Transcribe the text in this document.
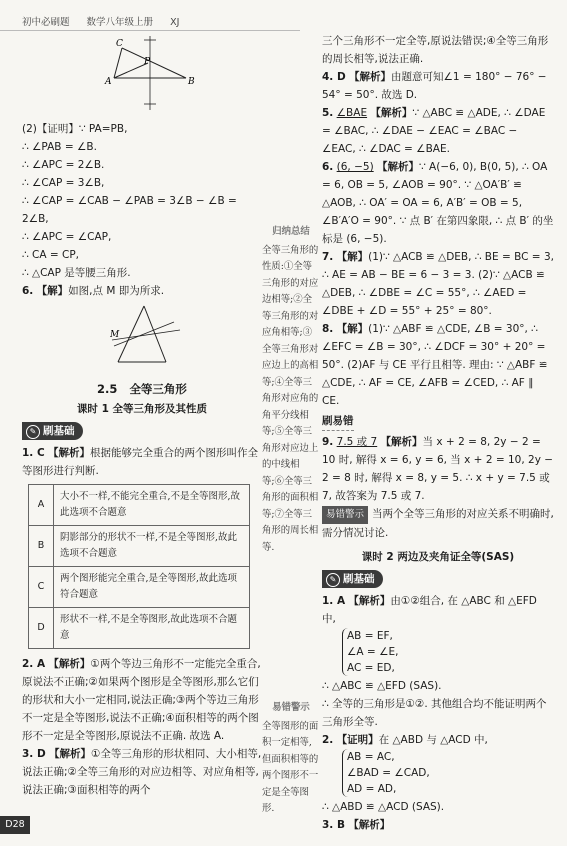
初中必刷题 数学八年级上册 XJ
C
A
P
B

(2)【证明】∵ PA=PB,

∴ ∠PAB = ∠B.

∴ ∠APC = 2∠B.

∴ ∠CAP = 3∠B,

∴ ∠CAP = ∠CAB − ∠PAB = 3∠B − ∠B = 2∠B,

∴ ∠APC = ∠CAP,

∴ CA = CP,

∴ △CAP 是等腰三角形.

6. 【解】如图,点 M 即为所求.

M
2.5 全等三角形
课时 1 全等三角形及其性质
✎ 刷基础

1. C 【解析】根据能够完全重合的两个图形叫作全等图形进行判断.

A	大小不一样,不能完全重合,不是全等图形,故此选项不合题意
B	阴影部分的形状不一样,不是全等图形,故此选项不合题意
C	两个图形能完全重合,是全等图形,故此选项符合题意
D	形状不一样,不是全等图形,故此选项不合题意

2. A 【解析】①两个等边三角形不一定能完全重合,原说法不正确;②如果两个图形是全等图形,那么它们的形状和大小一定相同,说法正确;③两个等边三角形不一定是全等图形,说法不正确;④面积相等的两个图形不一定是全等图形,原说法不正确. 故选 A.

3. D 【解析】①全等三角形的形状相同、大小相等,说法正确;②全等三角形的对应边相等、对应角相等,说法正确;③面积相等的两个

归纳总结
全等三角形的性质:①全等三角形的对应边相等;②全等三角形的对应角相等;③全等三角形对应边上的高相等;④全等三角形对应角的角平分线相等;⑤全等三角形对应边上的中线相等;⑥全等三角形的面积相等;⑦全等三角形的周长相等.
易错警示
全等图形的面积一定相等,但面积相等的两个图形不一定是全等图形.

三个三角形不一定全等,原说法错误;④全等三角形的周长相等,说法正确.

4. D 【解析】由题意可知∠1 = 180° − 76° − 54° = 50°. 故选 D.

5. ∠BAE 【解析】∵ △ABC ≌ △ADE, ∴ ∠DAE = ∠BAC, ∴ ∠DAE − ∠EAC = ∠BAC − ∠EAC, ∴ ∠DAC = ∠BAE.

6. (6, −5) 【解析】∵ A(−6, 0), B(0, 5), ∴ OA = 6, OB = 5, ∠AOB = 90°. ∵ △OA′B′ ≌ △AOB, ∴ OA′ = OA = 6, A′B′ = OB = 5, ∠B′A′O = 90°. ∵ 点 B′ 在第四象限, ∴ 点 B′ 的坐标是 (6, −5).

7. 【解】(1)∵ △ACB ≌ △DEB, ∴ BE = BC = 3, ∴ AE = AB − BE = 6 − 3 = 3. (2)∵ △ACB ≌ △DEB, ∴ ∠DBE = ∠C = 55°, ∴ ∠AED = ∠DBE + ∠D = 55° + 25° = 80°.

8. 【解】(1)∵ △ABF ≌ △CDE, ∠B = 30°, ∴ ∠EFC = ∠B = 30°, ∴ ∠DCF = 30° + 20° = 50°. (2)AF 与 CE 平行且相等. 理由: ∵ △ABF ≌ △CDE, ∴ AF = CE, ∠AFB = ∠CED, ∴ AF ∥ CE.

刷易错

9. 7.5 或 7 【解析】当 x + 2 = 8, 2y − 2 = 10 时, 解得 x = 6, y = 6, 当 x + 2 = 10, 2y − 2 = 8 时, 解得 x = 8, y = 5. ∴ x + y = 7.5 或 7, 故答案为 7.5 或 7.

易错警示 当两个全等三角形的对应关系不明确时,需分情况讨论.

课时 2 两边及夹角证全等(SAS)
✎ 刷基础

1. A 【解析】由①②组合, 在 △ABC 和 △EFD 中,

AB = EF,
∠A = ∠E,
AC = ED,

∴ △ABC ≌ △EFD (SAS).

∴ 全等的三角形是①②. 其他组合均不能证明两个三角形全等.

2. 【证明】在 △ABD 与 △ACD 中,

AB = AC,
∠BAD = ∠CAD,
AD = AD,

∴ △ABD ≌ △ACD (SAS).

3. B 【解析】

D28
